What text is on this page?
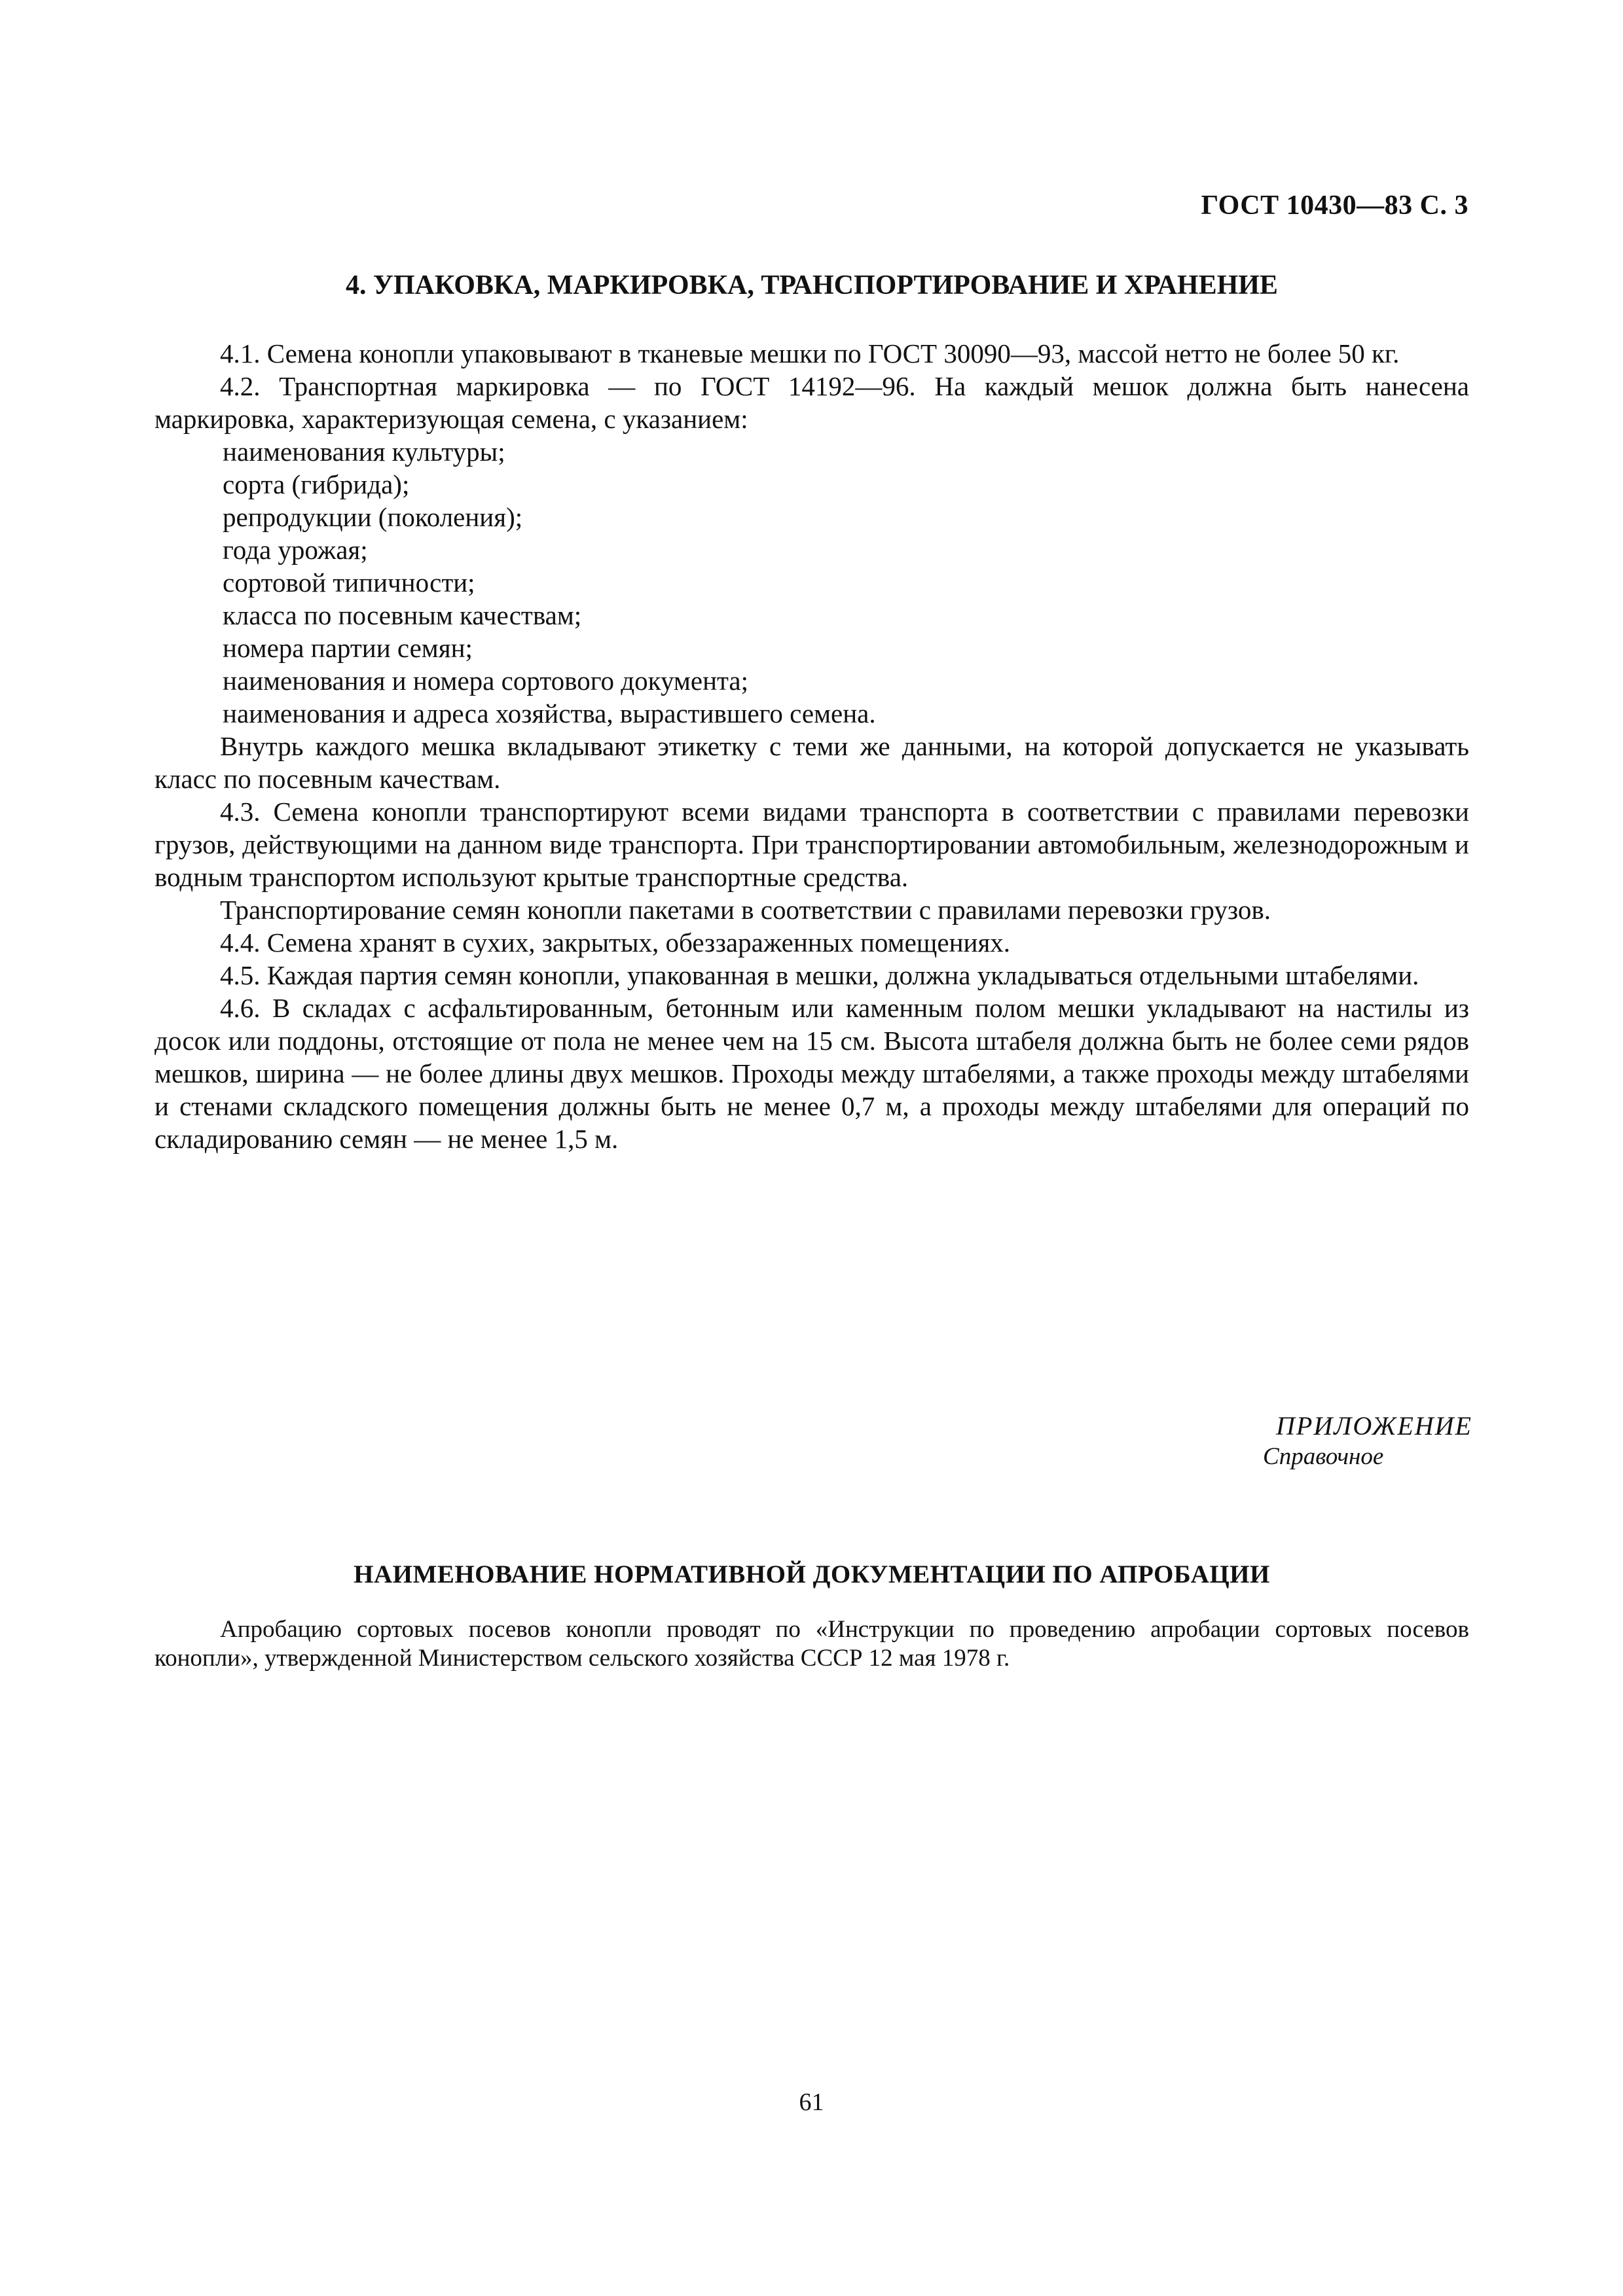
ГОСТ 10430—83 С. 3
4. УПАКОВКА, МАРКИРОВКА, ТРАНСПОРТИРОВАНИЕ И ХРАНЕНИЕ

4.1. Семена конопли упаковывают в тканевые мешки по ГОСТ 30090—93, массой нетто не более 50 кг.

4.2. Транспортная маркировка — по ГОСТ 14192—96. На каждый мешок должна быть нанесена маркировка, характеризующая семена, с указанием:

наименования культуры;
сорта (гибрида);
репродукции (поколения);
года урожая;
сортовой типичности;
класса по посевным качествам;
номера партии семян;
наименования и номера сортового документа;
наименования и адреса хозяйства, вырастившего семена.

Внутрь каждого мешка вкладывают этикетку с теми же данными, на которой допускается не указывать класс по посевным качествам.

4.3. Семена конопли транспортируют всеми видами транспорта в соответствии с правилами перевозки грузов, действующими на данном виде транспорта. При транспортировании автомобильным, железнодорожным и водным транспортом используют крытые транспортные средства.

Транспортирование семян конопли пакетами в соответствии с правилами перевозки грузов.

4.4. Семена хранят в сухих, закрытых, обеззараженных помещениях.

4.5. Каждая партия семян конопли, упакованная в мешки, должна укладываться отдельными штабелями.

4.6. В складах с асфальтированным, бетонным или каменным полом мешки укладывают на настилы из досок или поддоны, отстоящие от пола не менее чем на 15 см. Высота штабеля должна быть не более семи рядов мешков, ширина — не более длины двух мешков. Проходы между штабелями, а также проходы между штабелями и стенами складского помещения должны быть не менее 0,7 м, а проходы между штабелями для операций по складированию семян — не менее 1,5 м.

ПРИЛОЖЕНИЕ
Справочное
НАИМЕНОВАНИЕ НОРМАТИВНОЙ ДОКУМЕНТАЦИИ ПО АПРОБАЦИИ

Апробацию сортовых посевов конопли проводят по «Инструкции по проведению апробации сортовых посевов конопли», утвержденной Министерством сельского хозяйства СССР 12 мая 1978 г.

61
